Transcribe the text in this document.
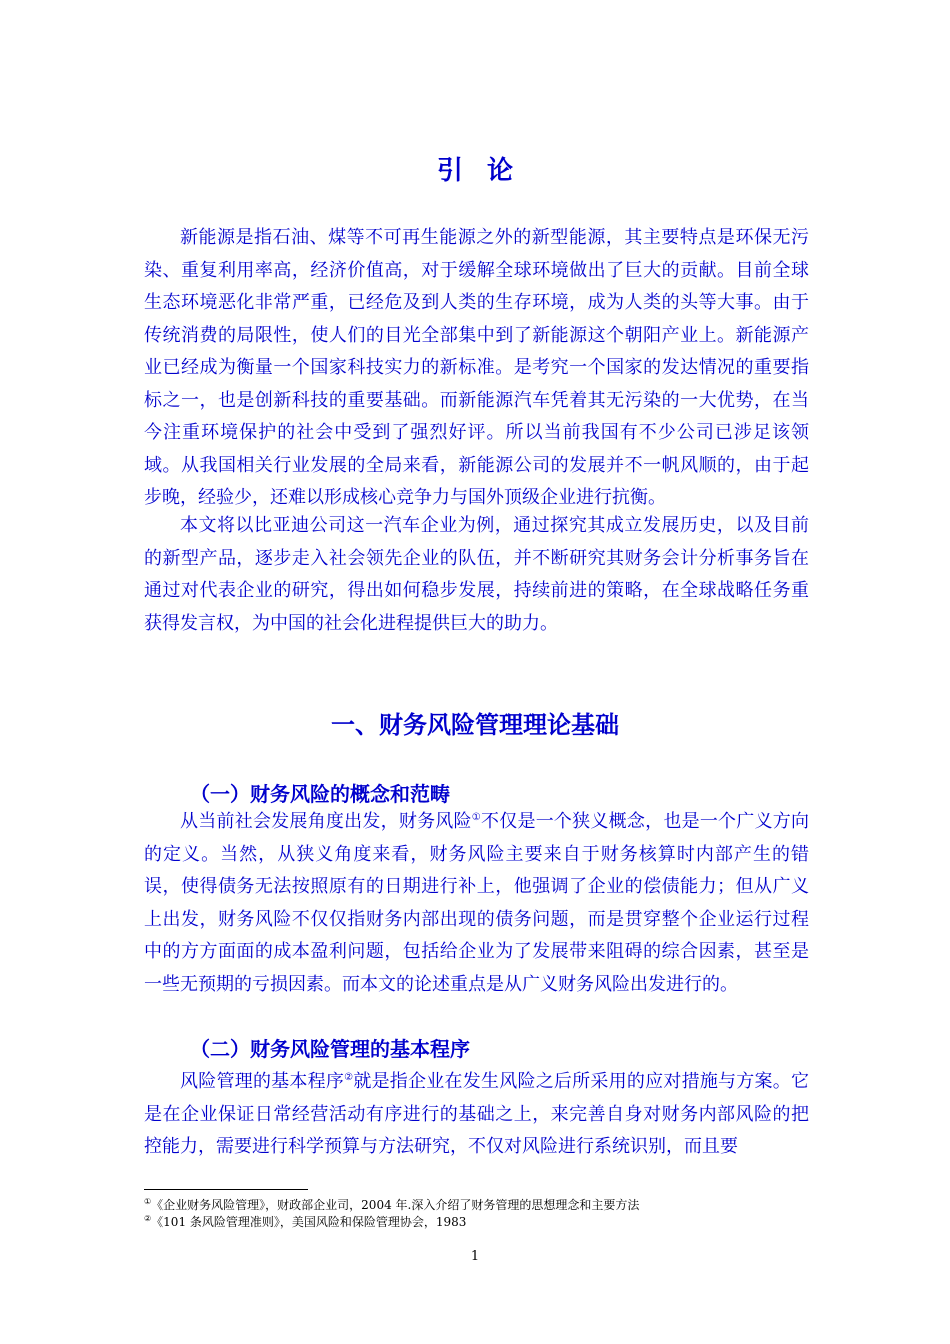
引论

新能源是指石油、煤等不可再生能源之外的新型能源，其主要特点是环保无污染、重复利用率高，经济价值高，对于缓解全球环境做出了巨大的贡献。目前全球生态环境恶化非常严重，已经危及到人类的生存环境，成为人类的头等大事。由于传统消费的局限性，使人们的目光全部集中到了新能源这个朝阳产业上。新能源产业已经成为衡量一个国家科技实力的新标准。是考究一个国家的发达情况的重要指标之一，也是创新科技的重要基础。而新能源汽车凭着其无污染的一大优势，在当今注重环境保护的社会中受到了强烈好评。所以当前我国有不少公司已涉足该领域。从我国相关行业发展的全局来看，新能源公司的发展并不一帆风顺的，由于起步晚，经验少，还难以形成核心竞争力与国外顶级企业进行抗衡。

本文将以比亚迪公司这一汽车企业为例，通过探究其成立发展历史，以及目前的新型产品，逐步走入社会领先企业的队伍，并不断研究其财务会计分析事务旨在通过对代表企业的研究，得出如何稳步发展，持续前进的策略，在全球战略任务重获得发言权，为中国的社会化进程提供巨大的助力。

一、财务风险管理理论基础
（一）财务风险的概念和范畴

从当前社会发展角度出发，财务风险①不仅是一个狭义概念，也是一个广义方向的定义。当然，从狭义角度来看，财务风险主要来自于财务核算时内部产生的错误，使得债务无法按照原有的日期进行补上，他强调了企业的偿债能力；但从广义上出发，财务风险不仅仅指财务内部出现的债务问题，而是贯穿整个企业运行过程中的方方面面的成本盈利问题，包括给企业为了发展带来阻碍的综合因素，甚至是一些无预期的亏损因素。而本文的论述重点是从广义财务风险出发进行的。

（二）财务风险管理的基本程序

风险管理的基本程序②就是指企业在发生风险之后所采用的应对措施与方案。它是在企业保证日常经营活动有序进行的基础之上，来完善自身对财务内部风险的把控能力，需要进行科学预算与方法研究，不仅对风险进行系统识别，而且要

①《企业财务风险管理》，财政部企业司，2004 年.深入介绍了财务管理的思想理念和主要方法
②《101 条风险管理准则》，美国风险和保险管理协会，1983
1
